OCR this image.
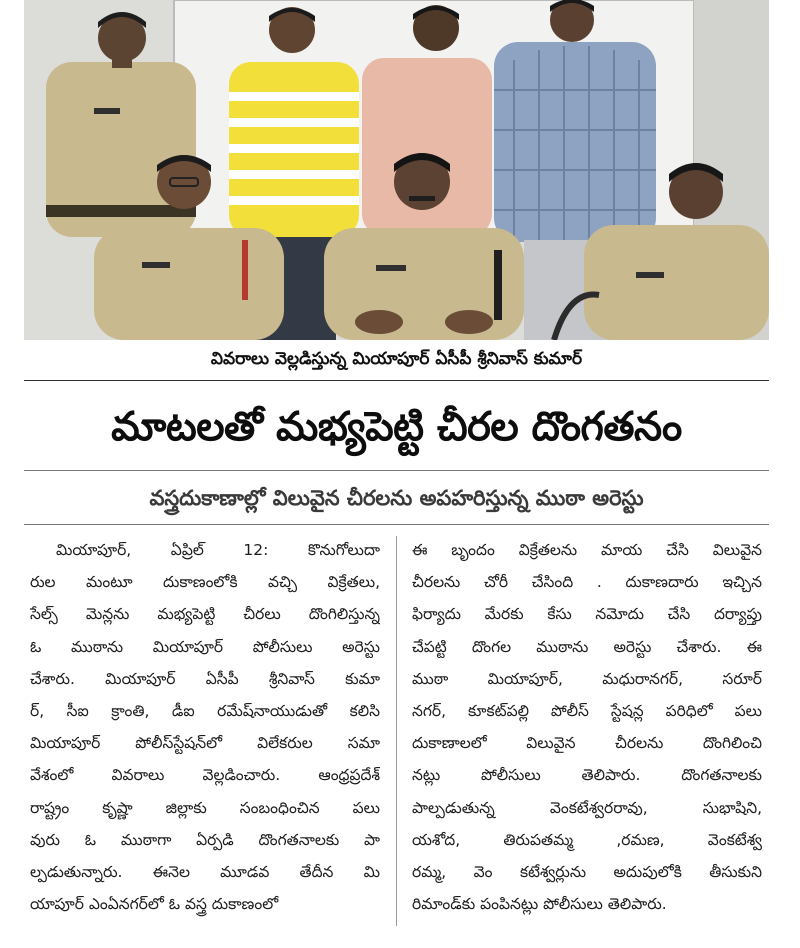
వివరాలు వెల్లడిస్తున్న మియాపూర్ ఏసీపీ శ్రీనివాస్ కుమార్
మాటలతో మభ్యపెట్టి చీరల దొంగతనం
వస్త్రదుకాణాల్లో విలువైన చీరలను అపహరిస్తున్న ముఠా అరెస్టు
మియాపూర్, ఏప్రిల్ 12: కొనుగోలుదా
రుల మంటూ దుకాణంలోకి వచ్చి విక్రేతలు,
సేల్స్ మెన్లను మభ్యపెట్టి చీరలు దొంగిలిస్తున్న
ఓ ముఠాను మియాపూర్ పోలీసులు అరెస్టు
చేశారు. మియాపూర్ ఏసీపీ శ్రీనివాస్ కుమా
ర్, సీఐ క్రాంతి, డీఐ రమేష్‌నాయుడుతో కలిసి
మియాపూర్ పోలీస్‌స్టేషన్‌లో విలేకరుల సమా
వేశంలో వివరాలు వెల్లడించారు. ఆంధ్రప్రదేశ్
రాష్ట్రం కృష్ణా జిల్లాకు సంబంధించిన పలు
వురు ఓ ముఠాగా ఏర్పడి దొంగతనాలకు పా
ల్పడుతున్నారు. ఈనెల మూడవ తేదీన మి
యాపూర్ ఎంఏనగర్‌లో ఓ వస్త్ర దుకాణంలో
ఈ బృందం విక్రేతలను మాయ చేసి విలువైన
చీరలను చోరీ చేసింది . దుకాణదారు ఇచ్చిన
ఫిర్యాదు మేరకు కేసు నమోదు చేసి దర్యాప్తు
చేపట్టి దొంగల ముఠాను అరెస్టు చేశారు. ఈ
ముఠా మియాపూర్, మధురానగర్, సరూర్
నగర్, కూకట్‌పల్లి పోలీస్ స్టేషన్ల పరిధిలో పలు
దుకాణాలలో విలువైన చీరలను దొంగిలించి
నట్లు పోలీసులు తెలిపారు. దొంగతనాలకు
పాల్పడుతున్న వెంకటేశ్వరరావు, సుభాషిని,
యశోద, తిరుపతమ్మ ,రమణ, వెంకటేశ్వ
రమ్మ, వెం కటేశ్వర్లును అదుపులోకి తీసుకుని
రిమాండ్‌కు పంపినట్లు పోలీసులు తెలిపారు.
